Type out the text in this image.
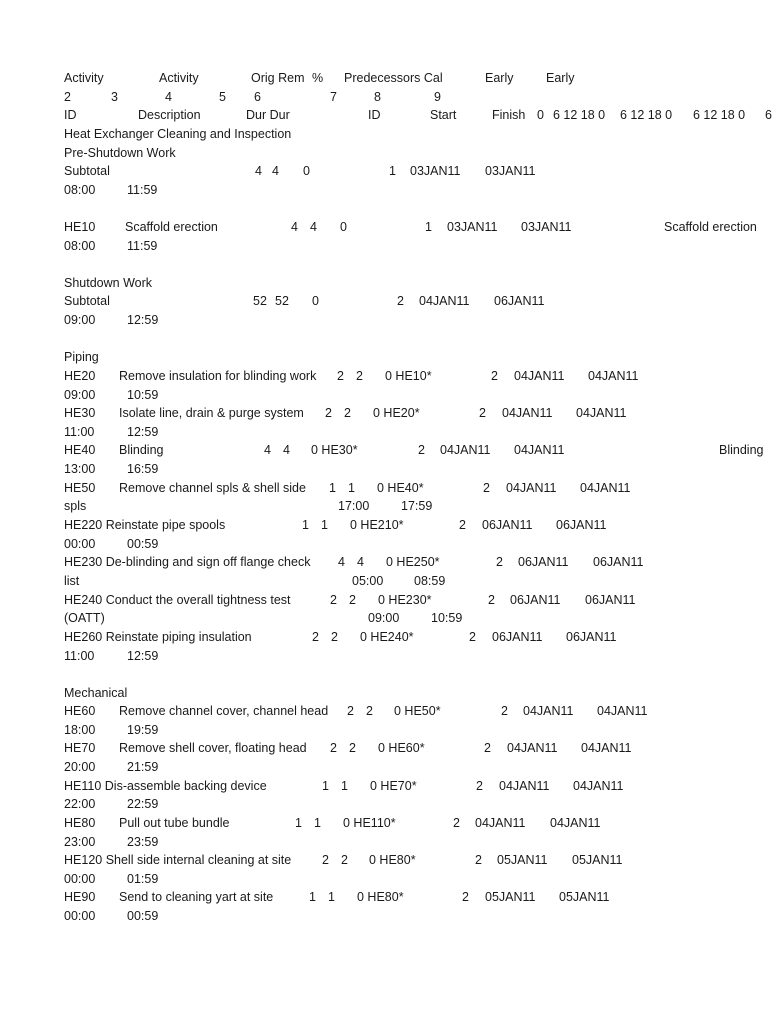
Activity	Activity	Orig Rem % Predecessors Cal	Early	Early
2	3	4	5 6	7	8	9
ID	Description	Dur Dur	ID	Start	Finish 0 6 12 18 0 6 12 18 0 6 12 18 0 6
Heat Exchanger Cleaning and Inspection
Pre-Shutdown Work
Subtotal	4 4 0	1 03JAN11 03JAN11
08:00	11:59
HE10 Scaffold erection	4 4 0	1 03JAN11 03JAN11	Scaffold erection
08:00	11:59
Shutdown Work
Subtotal	52 52 0	2 04JAN11 06JAN11
09:00	12:59
Piping
HE20 Remove insulation for blinding work 2 2 0 HE10*	2 04JAN11 04JAN11
09:00	10:59
HE30 Isolate line, drain & purge system 2 2 0 HE20*	2 04JAN11 04JAN11
11:00	12:59
HE40 Blinding	4 4 0 HE30*	2 04JAN11 04JAN11	Blinding
13:00	16:59
HE50 Remove channel spls & shell side 1 1 0 HE40*	2 04JAN11 04JAN11
spls	17:00	17:59
HE220 Reinstate pipe spools	1 1 0 HE210*	2 06JAN11 06JAN11
00:00	00:59
HE230 De-blinding and sign off flange check 4 4 0 HE250*	2 06JAN11 06JAN11
list	05:00 08:59
HE240 Conduct the overall tightness test	2 2 0 HE230*	2 06JAN11 06JAN11
(OATT)	09:00	10:59
HE260 Reinstate piping insulation	2 2 0 HE240*	2 06JAN11 06JAN11
11:00	12:59
Mechanical
HE60 Remove channel cover, channel head 2 2 0 HE50*	2 04JAN11 04JAN11
18:00	19:59
HE70 Remove shell cover, floating head 2 2 0 HE60*	2 04JAN11 04JAN11
20:00	21:59
HE110 Dis-assemble backing device	1 1 0 HE70*	2 04JAN11 04JAN11
22:00	22:59
HE80 Pull out tube bundle	1 1 0 HE110*	2 04JAN11 04JAN11
23:00	23:59
HE120 Shell side internal cleaning at site 2 2 0 HE80*	2 05JAN11 05JAN11
00:00	01:59
HE90 Send to cleaning yart at site	1 1 0 HE80*	2 05JAN11 05JAN11
00:00	00:59
